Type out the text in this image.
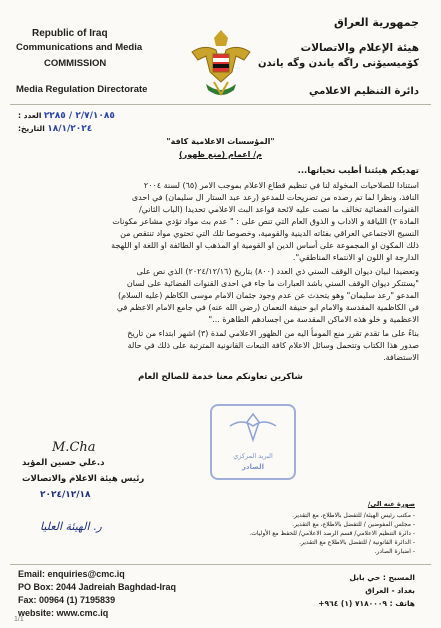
Republic of Iraq
Communications and Media
COMMISSION
Media Regulation Directorate
جمهورية العراق
هيئة الإعلام والاتصالات
كۆمیسیۆنی راگه یاندن وگه یاندن
دائرة التنظيم الاعلامي
٢/٧/١٠٨٥ / ٢٢٨٥ العدد :
١٨/١/٢٠٢٤ التاريخ:
"المؤسسات الاعلامية كافة"
م/ اعمام (منع ظهور)
تهديكم هيئتنا أطيب تحياتها...
استنادا للصلاحيات المخولة لنا في تنظيم قطاع الاعلام بموجب الامر (٦٥) لسنة ٢٠٠٤
النافذ، ونظرا لما تم رصده من تصريحات للمدعو (رعد عبد الستار ال سليمان) في احدى
القنوات الفضائية تخالف ما نصت عليه لائحة قواعد البث الاعلامي تحديدا (الباب الثاني/
المادة ٢) اللياقة و الاداب و الذوق العام التي تنص على : " عدم بث مواد تؤدي مشاعر مكونات
النسيج الاجتماعي العراقي بفئاته الدينية والقومية، وخصوصا تلك التي تحتوي مواد تنتقص من
ذلك المكون او المجموعة على أساس الدين او القومية او المذهب او الطائفة او اللغة او اللهجة
الدارجة او اللون او الانتماء المناطقي".
وتعضيدا لبيان ديوان الوقف السني ذي العدد (٨٠٠) بتاريخ (٢٠٢٤/١٢/١٦) الذي نص على
"يستنكر ديوان الوقف السني باشد العبارات ما جاء في احدى القنوات الفضائية على لسان
المدعو "رعد سليمان" وهو يتحدث عن عدم وجود جثمان الامام موسى الكاظم (عليه السلام)
في الكاظمية المقدسة والامام ابو حنيفة النعمان (رضي الله عنه) في جامع الامام الاعظم في
الاعظمية و خلو هذه الاماكن المقدسة من اجسادهم الطاهرة ..."
بناءً على ما تقدم تقرر منع المومأ اليه من الظهور الاعلامي لمدة (٣) اشهر ابتداء من تاريخ
صدور هذا الكتاب وتتحمل وسائل الاعلام كافة التبعات القانونية المترتبة على ذلك في حالة
الاستضافة.
شاكرين تعاونكم معنا خدمة للصالح العام
البريد المركزي
الصادر
M.Cha
د.علي حسين المؤيد
رئيس هيئة الاعلام والاتصالات
٢٠٢٤/١٢/١٨
ر. الهيئة العليا
صورة عنه الى/
- مكتب رئيس الهيئة/ للتفضل بالاطلاع، مع التقدير.
- مجلس المفوضين / للتفضل بالاطلاع، مع التقدير.
- دائرة التنظيم الاعلامي/ قسم الرصد الاعلامي/ للحفظ مع الأوليات.
- الدائرة القانونية / للتفضل بالاطلاع مع التقدير.
- اضبارة الصادر.
Email: enquiries@cmc.iq
PO Box: 2044 Jadreiah Baghdad-Iraq
Fax: 00964 (1) 7195839
website: www.cmc.iq
المسبح : حي بابل
بغداد - العراق
هاتف : ٧١٨٠٠٠٩ (١) ٩٦٤+
1/1
